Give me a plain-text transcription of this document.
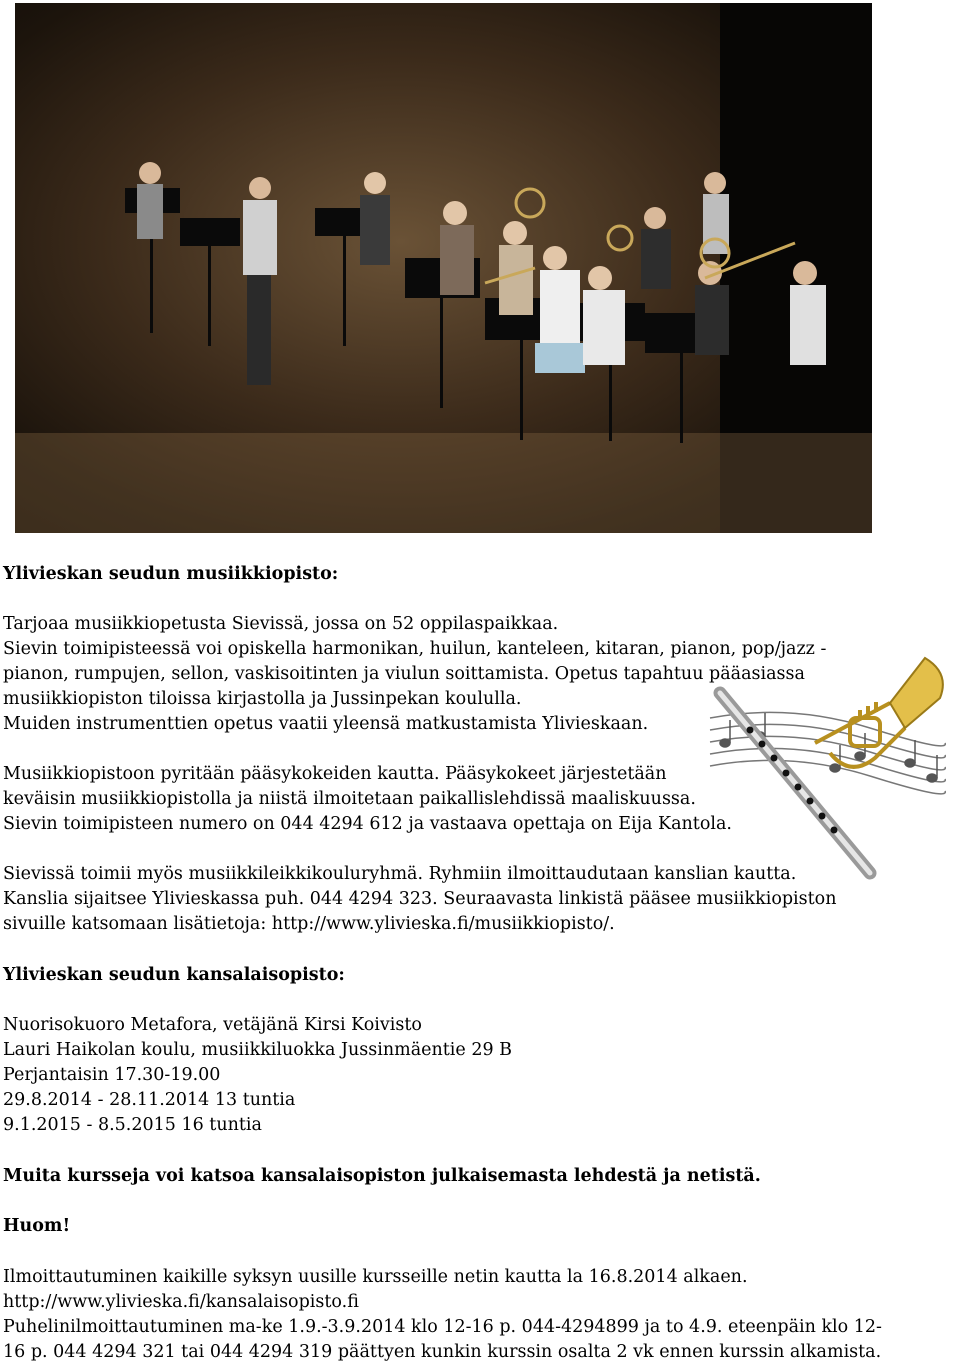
Ylivieskan seudun musiikkiopisto:

Tarjoaa musiikkiopetusta Sievissä, jossa on 52 oppilaspaikkaa.

Sievin toimipisteessä voi opiskella harmonikan, huilun, kanteleen, kitaran, pianon, pop/jazz -

pianon, rumpujen, sellon, vaskisoitinten ja viulun soittamista. Opetus tapahtuu pääasiassa

musiikkiopiston tiloissa kirjastolla ja Jussinpekan koululla.

Muiden instrumenttien opetus vaatii yleensä matkustamista Ylivieskaan.

Musiikkiopistoon pyritään pääsykokeiden kautta. Pääsykokeet järjestetään

keväisin musiikkiopistolla ja niistä ilmoitetaan paikallislehdissä maaliskuussa.

Sievin toimipisteen numero on 044 4294 612 ja vastaava opettaja on Eija Kantola.

Sievissä toimii myös musiikkileikkikouluryhmä. Ryhmiin ilmoittaudutaan kanslian kautta.

Kanslia sijaitsee Ylivieskassa puh. 044 4294 323. Seuraavasta linkistä pääsee musiikkiopiston

sivuille katsomaan lisätietoja: http://www.ylivieska.fi/musiikkiopisto/.

Ylivieskan seudun kansalaisopisto:

Nuorisokuoro Metafora, vetäjänä Kirsi Koivisto

Lauri Haikolan koulu, musiikkiluokka Jussinmäentie 29 B

Perjantaisin 17.30-19.00

29.8.2014 - 28.11.2014 13 tuntia

9.1.2015 - 8.5.2015 16 tuntia

Muita kursseja voi katsoa kansalaisopiston julkaisemasta lehdestä ja netistä.

Huom!

Ilmoittautuminen kaikille syksyn uusille kursseille netin kautta la 16.8.2014 alkaen.

http://www.ylivieska.fi/kansalaisopisto.fi

Puhelinilmoittautuminen ma-ke 1.9.-3.9.2014 klo 12-16 p. 044-4294899 ja to 4.9. eteenpäin klo 12-

16 p. 044 4294 321 tai 044 4294 319 päättyen kunkin kurssin osalta 2 vk ennen kurssin alkamista.
